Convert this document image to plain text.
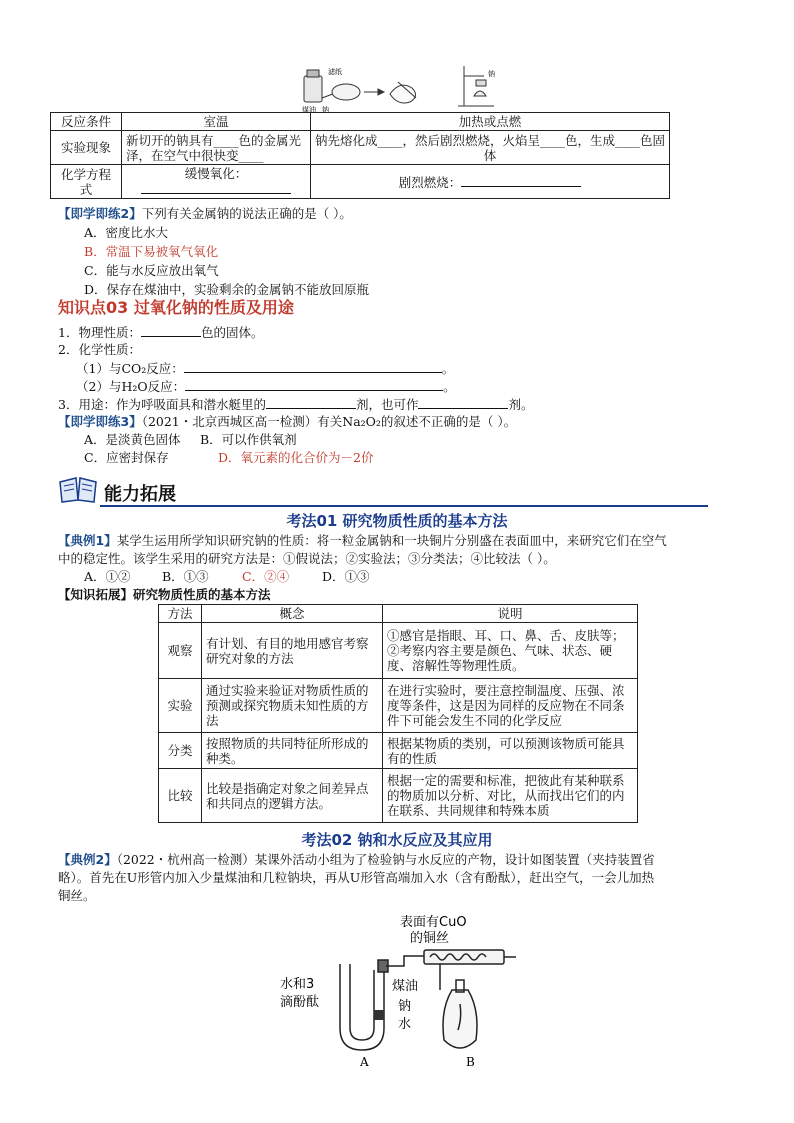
滤纸
钠
煤油
钠
反应条件	室温	加热或点燃
实验现象	新切开的钠具有____色的金属光泽，在空气中很快变____	钠先熔化成____，然后剧烈燃烧，火焰呈____色，生成____色固体
化学方程式	缓慢氧化：	剧烈燃烧：
【即学即练2】下列有关金属钠的说法正确的是（ ）。
A．密度比水大
B．常温下易被氧气氧化
C．能与水反应放出氧气
D．保存在煤油中，实验剩余的金属钠不能放回原瓶
知识点03 过氧化钠的性质及用途
1．物理性质：	色的固体。
2．化学性质：
（1）与CO₂反应：	。
（2）与H₂O反应：	。
3．用途：作为呼吸面具和潜水艇里的	剂，也可作	剂。
【即学即练3】（2021・北京西城区高一检测）有关Na₂O₂的叙述不正确的是（ ）。
A．是淡黄色固体 B．可以作供氧剂
C．应密封保存	D．氧元素的化合价为－2价
能力拓展
考法01 研究物质性质的基本方法
【典例1】某学生运用所学知识研究钠的性质：将一粒金属钠和一块铜片分别盛在表面皿中，来研究它们在空气
中的稳定性。该学生采用的研究方法是：①假说法；②实验法；③分类法；④比较法（ ）。
A．①②	B．①③	C．②④	D．①③
【知识拓展】研究物质性质的基本方法
方法	概念	说明
观察	有计划、有目的地用感官考察研究对象的方法	①感官是指眼、耳、口、鼻、舌、皮肤等；②考察内容主要是颜色、气味、状态、硬度、溶解性等物理性质。
实验	通过实验来验证对物质性质的预测或探究物质未知性质的方法	在进行实验时，要注意控制温度、压强、浓度等条件，这是因为同样的反应物在不同条件下可能会发生不同的化学反应
分类	按照物质的共同特征所形成的种类。	根据某物质的类别，可以预测该物质可能具有的性质
比较	比较是指确定对象之间差异点和共同点的逻辑方法。	根据一定的需要和标准，把彼此有某种联系的物质加以分析、对比，从而找出它们的内在联系、共同规律和特殊本质
考法02 钠和水反应及其应用
【典例2】（2022・杭州高一检测）某课外活动小组为了检验钠与水反应的产物，设计如图装置（夹持装置省
略）。首先在U形管内加入少量煤油和几粒钠块，再从U形管高端加入水（含有酚酞），赶出空气，一会儿加热
铜丝。
表面有CuO
的铜丝
水和3
滴酚酞
煤油
钠
水
A	B
